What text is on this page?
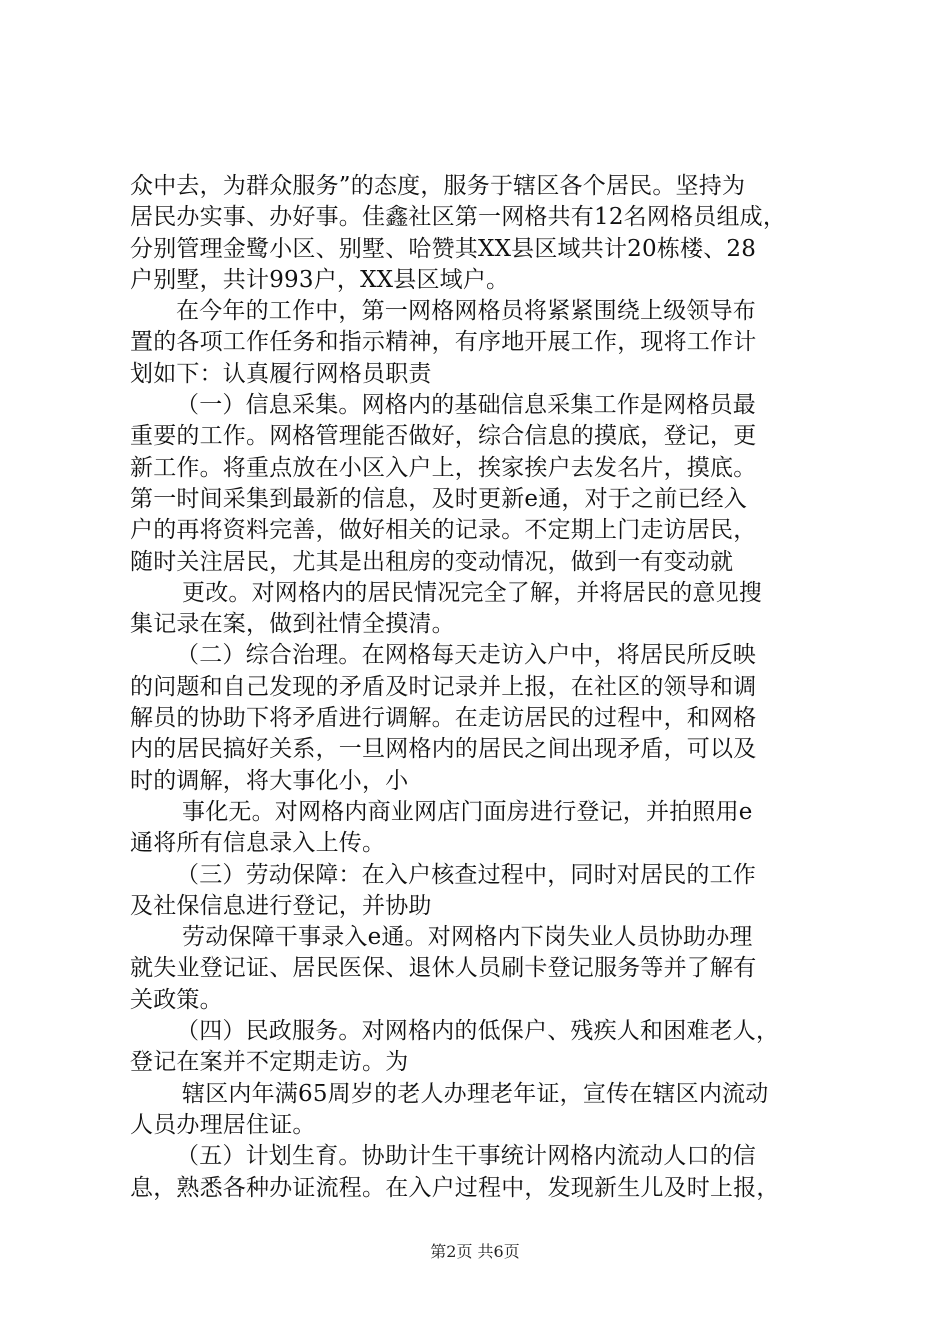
众中去，为群众服务”的态度，服务于辖区各个居民。坚持为
居民办实事、办好事。佳鑫社区第一网格共有12名网格员组成，
分别管理金鹭小区、别墅、哈赞其XX县区域共计20栋楼、28
户别墅，共计993户，XX县区域户。
在今年的工作中，第一网格网格员将紧紧围绕上级领导布
置的各项工作任务和指示精神，有序地开展工作，现将工作计
划如下：认真履行网格员职责
（一）信息采集。网格内的基础信息采集工作是网格员最
重要的工作。网格管理能否做好，综合信息的摸底，登记，更
新工作。将重点放在小区入户上，挨家挨户去发名片，摸底。
第一时间采集到最新的信息，及时更新e通，对于之前已经入
户的再将资料完善，做好相关的记录。不定期上门走访居民，
随时关注居民，尤其是出租房的变动情况，做到一有变动就
更改。对网格内的居民情况完全了解，并将居民的意见搜
集记录在案，做到社情全摸清。
（二）综合治理。在网格每天走访入户中，将居民所反映
的问题和自己发现的矛盾及时记录并上报，在社区的领导和调
解员的协助下将矛盾进行调解。在走访居民的过程中，和网格
内的居民搞好关系，一旦网格内的居民之间出现矛盾，可以及
时的调解，将大事化小，小
事化无。对网格内商业网店门面房进行登记，并拍照用e
通将所有信息录入上传。
（三）劳动保障：在入户核查过程中，同时对居民的工作
及社保信息进行登记，并协助
劳动保障干事录入e通。对网格内下岗失业人员协助办理
就失业登记证、居民医保、退休人员刷卡登记服务等并了解有
关政策。
（四）民政服务。对网格内的低保户、残疾人和困难老人，
登记在案并不定期走访。为
辖区内年满65周岁的老人办理老年证，宣传在辖区内流动
人员办理居住证。
（五）计划生育。协助计生干事统计网格内流动人口的信
息，熟悉各种办证流程。在入户过程中，发现新生儿及时上报，
第2页 共6页
